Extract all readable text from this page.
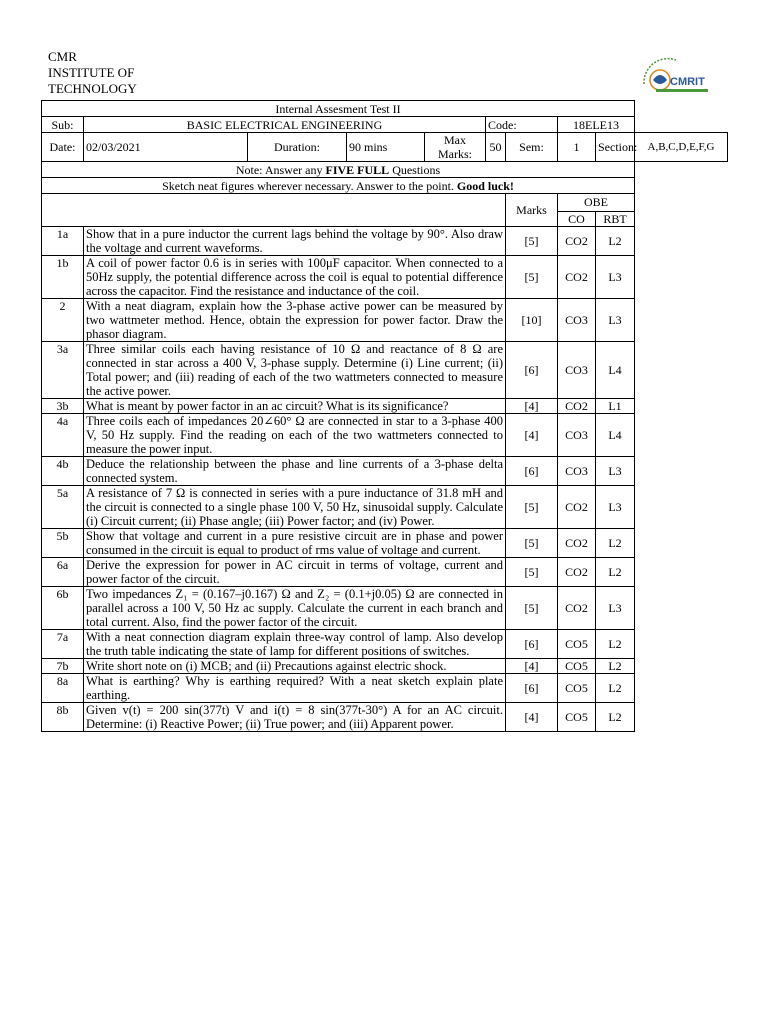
CMR
INSTITUTE OF
TECHNOLOGY	CMRIT
Internal Assesment Test II									
Sub:	BASIC ELECTRICAL ENGINEERING				Code:		18ELE13		
Date:	02/03/2021	Duration:	90 mins	Max Marks:	50	Sem:	1	Section:	A,B,C,D,E,F,G
Note: Answer any FIVE FULL Questions									
Sketch neat figures wherever necessary. Answer to the point. Good luck!									
						Marks	OBE		
							CO	RBT	
1a	Show that in a pure inductor the current lags behind the voltage by 90°. Also draw the voltage and current waveforms.					[5]	CO2	L2	
1b	A coil of power factor 0.6 is in series with 100μF capacitor. When connected to a 50Hz supply, the potential difference across the coil is equal to potential difference across the capacitor. Find the resistance and inductance of the coil.					[5]	CO2	L3	
2	With a neat diagram, explain how the 3-phase active power can be measured by two wattmeter method. Hence, obtain the expression for power factor. Draw the phasor diagram.					[10]	CO3	L3	
3a	Three similar coils each having resistance of 10 Ω and reactance of 8 Ω are connected in star across a 400 V, 3-phase supply. Determine (i) Line current; (ii) Total power; and (iii) reading of each of the two wattmeters connected to measure the active power.					[6]	CO3	L4	
3b	What is meant by power factor in an ac circuit? What is its significance?					[4]	CO2	L1	
4a	Three coils each of impedances 20∠60° Ω are connected in star to a 3-phase 400 V, 50 Hz supply. Find the reading on each of the two wattmeters connected to measure the power input.					[4]	CO3	L4	
4b	Deduce the relationship between the phase and line currents of a 3-phase delta connected system.					[6]	CO3	L3	
5a	A resistance of 7 Ω is connected in series with a pure inductance of 31.8 mH and the circuit is connected to a single phase 100 V, 50 Hz, sinusoidal supply. Calculate (i) Circuit current; (ii) Phase angle; (iii) Power factor; and (iv) Power.					[5]	CO2	L3	
5b	Show that voltage and current in a pure resistive circuit are in phase and power consumed in the circuit is equal to product of rms value of voltage and current.					[5]	CO2	L2	
6a	Derive the expression for power in AC circuit in terms of voltage, current and power factor of the circuit.					[5]	CO2	L2	
6b	Two impedances Z₁ = (0.167–j0.167) Ω and Z₂ = (0.1+j0.05) Ω are connected in parallel across a 100 V, 50 Hz ac supply. Calculate the current in each branch and total current. Also, find the power factor of the circuit.					[5]	CO2	L3	
7a	With a neat connection diagram explain three-way control of lamp. Also develop the truth table indicating the state of lamp for different positions of switches.					[6]	CO5	L2	
7b	Write short note on (i) MCB; and (ii) Precautions against electric shock.					[4]	CO5	L2	
8a	What is earthing? Why is earthing required? With a neat sketch explain plate earthing.					[6]	CO5	L2	
8b	Given v(t) = 200 sin(377t) V and i(t) = 8 sin(377t-30°) A for an AC circuit. Determine: (i) Reactive Power; (ii) True power; and (iii) Apparent power.					[4]	CO5	L2	
